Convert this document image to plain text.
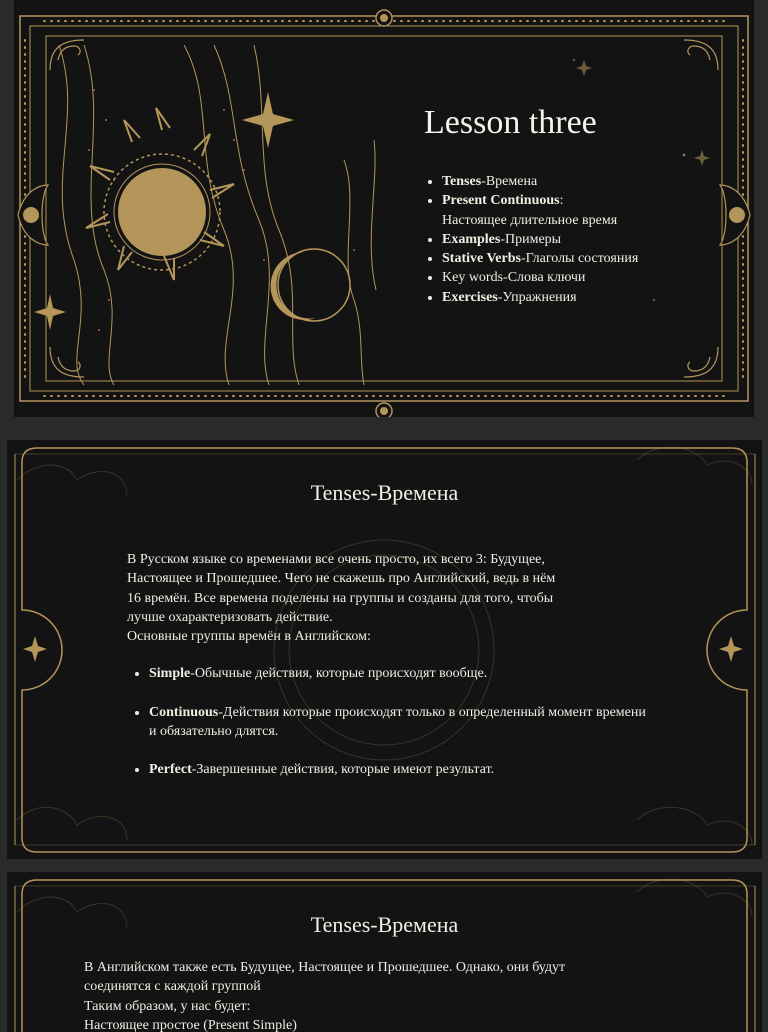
Lesson three
• Tenses-Времена
• Present Continuous:
Настоящее длительное время
• Examples-Примеры
• Stative Verbs-Глаголы состояния
• Key words-Слова ключи
• Exercises-Упражнения
Tenses-Времена

В Русском языке со временами все очень просто, их всего 3: Будущее,
Настоящее и Прошедшее. Чего не скажешь про Английский, ведь в нём
16 времён. Все времена поделены на группы и созданы для того, чтобы
лучше охарактеризовать действие.
Основные группы времён в Английском:

• Simple-Обычные действия, которые происходят вообще.
• Continuous-Действия которые происходят только в определенный момент времени и обязательно длятся.
• Perfect-Завершенные действия, которые имеют результат.
Tenses-Времена

В Английском также есть Будущее, Настоящее и Прошедшее. Однако, они будут
соединятся с каждой группой
Таким образом, у нас будет:
Настоящее простое (Present Simple)
